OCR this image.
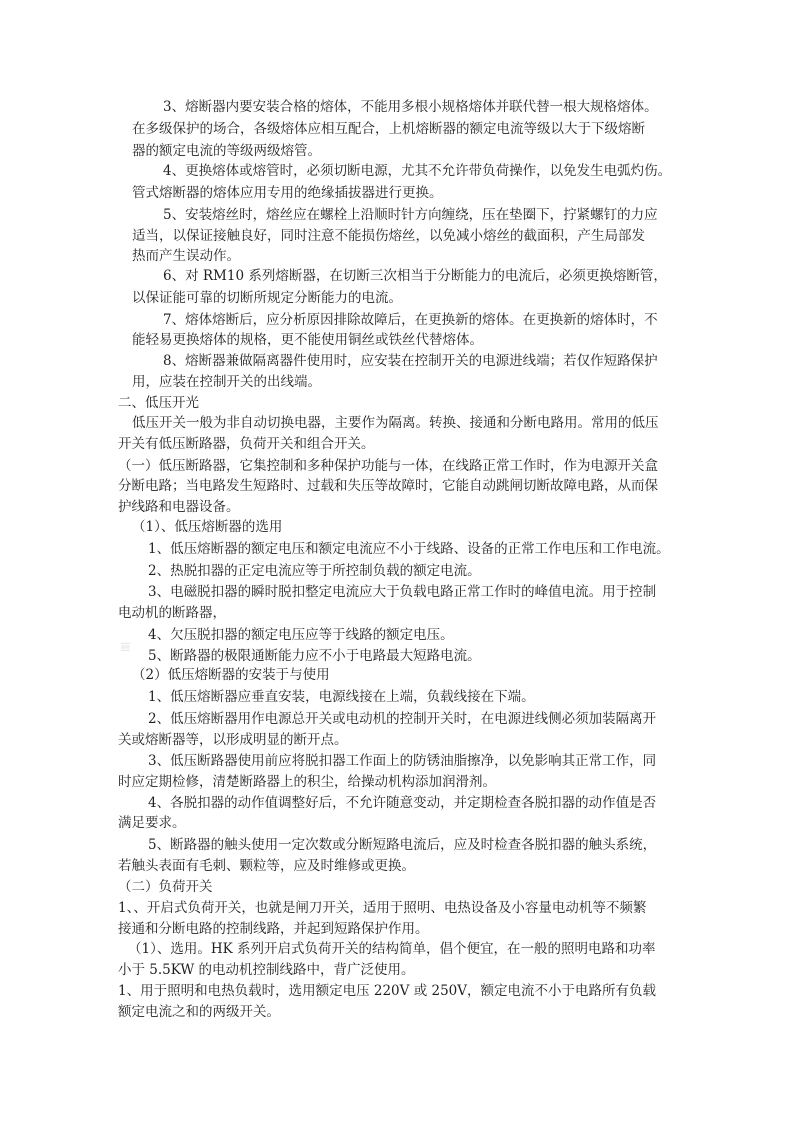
𝌆
3、熔断器内要安装合格的熔体，不能用多根小规格熔体并联代替一根大规格熔体。
在多级保护的场合，各级熔体应相互配合，上机熔断器的额定电流等级以大于下级熔断
器的额定电流的等级两级熔管。
4、更换熔体或熔管时，必须切断电源，尤其不允许带负荷操作，以免发生电弧灼伤。
管式熔断器的熔体应用专用的绝缘插拔器进行更换。
5、安装熔丝时，熔丝应在螺栓上沿顺时针方向缠绕，压在垫圈下，拧紧螺钉的力应
适当，以保证接触良好，同时注意不能损伤熔丝，以免减小熔丝的截面积，产生局部发
热而产生误动作。
6、对 RM10 系列熔断器，在切断三次相当于分断能力的电流后，必须更换熔断管，
以保证能可靠的切断所规定分断能力的电流。
7、熔体熔断后，应分析原因排除故障后，在更换新的熔体。在更换新的熔体时，不
能轻易更换熔体的规格，更不能使用铜丝或铁丝代替熔体。
8、熔断器兼做隔离器件使用时，应安装在控制开关的电源进线端；若仅作短路保护
用，应装在控制开关的出线端。
二、低压开光
低压开关一般为非自动切换电器，主要作为隔离。转换、接通和分断电路用。常用的低压
开关有低压断路器，负荷开关和组合开关。
（一）低压断路器，它集控制和多种保护功能与一体，在线路正常工作时，作为电源开关盒
分断电路；当电路发生短路时、过载和失压等故障时，它能自动跳闸切断故障电路，从而保
护线路和电器设备。
（1）、低压熔断器的选用
1、低压熔断器的额定电压和额定电流应不小于线路、设备的正常工作电压和工作电流。
2、热脱扣器的正定电流应等于所控制负载的额定电流。
3、电磁脱扣器的瞬时脱扣整定电流应大于负载电路正常工作时的峰值电流。用于控制
电动机的断路器，
4、欠压脱扣器的额定电压应等于线路的额定电压。
5、断路器的极限通断能力应不小于电路最大短路电流。
（2）低压熔断器的安装于与使用
1、低压熔断器应垂直安装，电源线接在上端，负载线接在下端。
2、低压熔断器用作电源总开关或电动机的控制开关时，在电源进线侧必须加装隔离开
关或熔断器等，以形成明显的断开点。
3、低压断路器使用前应将脱扣器工作面上的防锈油脂擦净，以免影响其正常工作，同
时应定期检修，清楚断路器上的积尘，给操动机构添加润滑剂。
4、各脱扣器的动作值调整好后，不允许随意变动，并定期检查各脱扣器的动作值是否
满足要求。
5、断路器的触头使用一定次数或分断短路电流后，应及时检查各脱扣器的触头系统，
若触头表面有毛刺、颗粒等，应及时维修或更换。
（二）负荷开关
1、、开启式负荷开关，也就是闸刀开关，适用于照明、电热设备及小容量电动机等不频繁
接通和分断电路的控制线路，并起到短路保护作用。
（1）、选用。HK 系列开启式负荷开关的结构简单，倡个便宜，在一般的照明电路和功率
小于 5.5KW 的电动机控制线路中，背广泛使用。
1、用于照明和电热负载时，选用额定电压 220V 或 250V，额定电流不小于电路所有负载
额定电流之和的两级开关。
